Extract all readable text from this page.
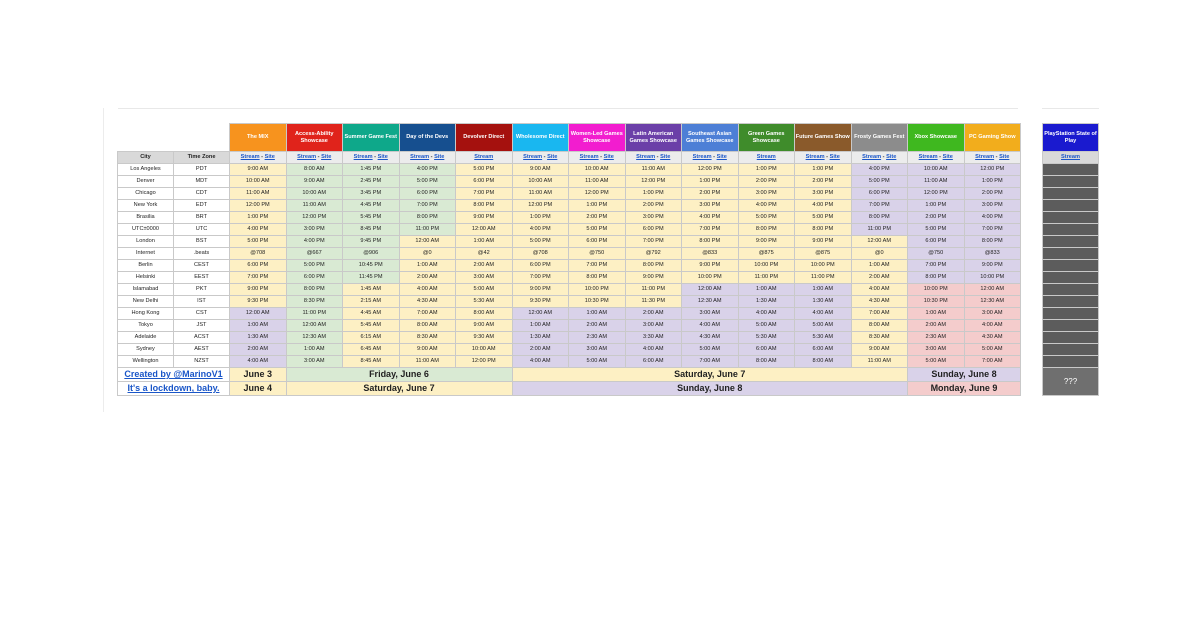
		The MIX	Access-Ability Showcase	Summer Game Fest	Day of the Devs	Devolver Direct	Wholesome Direct	Women-Led Games Showcase	Latin American Games Showcase	Southeast Asian Games Showcase	Green Games Showcase	Future Games Show	Frosty Games Fest	Xbox Showcase	PC Gaming Show
City	Time Zone	Stream - Site	Stream - Site	Stream - Site	Stream - Site	Stream	Stream - Site	Stream - Site	Stream - Site	Stream - Site	Stream	Stream - Site	Stream - Site	Stream - Site	Stream - Site
Los Angeles	PDT	9:00 AM	8:00 AM	1:45 PM	4:00 PM	5:00 PM	9:00 AM	10:00 AM	11:00 AM	12:00 PM	1:00 PM	1:00 PM	4:00 PM	10:00 AM	12:00 PM
Denver	MDT	10:00 AM	9:00 AM	2:45 PM	5:00 PM	6:00 PM	10:00 AM	11:00 AM	12:00 PM	1:00 PM	2:00 PM	2:00 PM	5:00 PM	11:00 AM	1:00 PM
Chicago	CDT	11:00 AM	10:00 AM	3:45 PM	6:00 PM	7:00 PM	11:00 AM	12:00 PM	1:00 PM	2:00 PM	3:00 PM	3:00 PM	6:00 PM	12:00 PM	2:00 PM
New York	EDT	12:00 PM	11:00 AM	4:45 PM	7:00 PM	8:00 PM	12:00 PM	1:00 PM	2:00 PM	3:00 PM	4:00 PM	4:00 PM	7:00 PM	1:00 PM	3:00 PM
Brasilia	BRT	1:00 PM	12:00 PM	5:45 PM	8:00 PM	9:00 PM	1:00 PM	2:00 PM	3:00 PM	4:00 PM	5:00 PM	5:00 PM	8:00 PM	2:00 PM	4:00 PM
UTC±0000	UTC	4:00 PM	3:00 PM	8:45 PM	11:00 PM	12:00 AM	4:00 PM	5:00 PM	6:00 PM	7:00 PM	8:00 PM	8:00 PM	11:00 PM	5:00 PM	7:00 PM
London	BST	5:00 PM	4:00 PM	9:45 PM	12:00 AM	1:00 AM	5:00 PM	6:00 PM	7:00 PM	8:00 PM	9:00 PM	9:00 PM	12:00 AM	6:00 PM	8:00 PM
Internet	.beats	@708	@667	@906	@0	@42	@708	@750	@792	@833	@875	@875	@0	@750	@833
Berlin	CEST	6:00 PM	5:00 PM	10:45 PM	1:00 AM	2:00 AM	6:00 PM	7:00 PM	8:00 PM	9:00 PM	10:00 PM	10:00 PM	1:00 AM	7:00 PM	9:00 PM
Helsinki	EEST	7:00 PM	6:00 PM	11:45 PM	2:00 AM	3:00 AM	7:00 PM	8:00 PM	9:00 PM	10:00 PM	11:00 PM	11:00 PM	2:00 AM	8:00 PM	10:00 PM
Islamabad	PKT	9:00 PM	8:00 PM	1:45 AM	4:00 AM	5:00 AM	9:00 PM	10:00 PM	11:00 PM	12:00 AM	1:00 AM	1:00 AM	4:00 AM	10:00 PM	12:00 AM
New Delhi	IST	9:30 PM	8:30 PM	2:15 AM	4:30 AM	5:30 AM	9:30 PM	10:30 PM	11:30 PM	12:30 AM	1:30 AM	1:30 AM	4:30 AM	10:30 PM	12:30 AM
Hong Kong	CST	12:00 AM	11:00 PM	4:45 AM	7:00 AM	8:00 AM	12:00 AM	1:00 AM	2:00 AM	3:00 AM	4:00 AM	4:00 AM	7:00 AM	1:00 AM	3:00 AM
Tokyo	JST	1:00 AM	12:00 AM	5:45 AM	8:00 AM	9:00 AM	1:00 AM	2:00 AM	3:00 AM	4:00 AM	5:00 AM	5:00 AM	8:00 AM	2:00 AM	4:00 AM
Adelaide	ACST	1:30 AM	12:30 AM	6:15 AM	8:30 AM	9:30 AM	1:30 AM	2:30 AM	3:30 AM	4:30 AM	5:30 AM	5:30 AM	8:30 AM	2:30 AM	4:30 AM
Sydney	AEST	2:00 AM	1:00 AM	6:45 AM	9:00 AM	10:00 AM	2:00 AM	3:00 AM	4:00 AM	5:00 AM	6:00 AM	6:00 AM	9:00 AM	3:00 AM	5:00 AM
Wellington	NZST	4:00 AM	3:00 AM	8:45 AM	11:00 AM	12:00 PM	4:00 AM	5:00 AM	6:00 AM	7:00 AM	8:00 AM	8:00 AM	11:00 AM	5:00 AM	7:00 AM
Created by @MarinoV1		June 3	Friday, June 6				Saturday, June 7							Sunday, June 8	
It's a lockdown, baby.		June 4	Saturday, June 7				Sunday, June 8							Monday, June 9	
PlayStation State of Play
Stream

???
